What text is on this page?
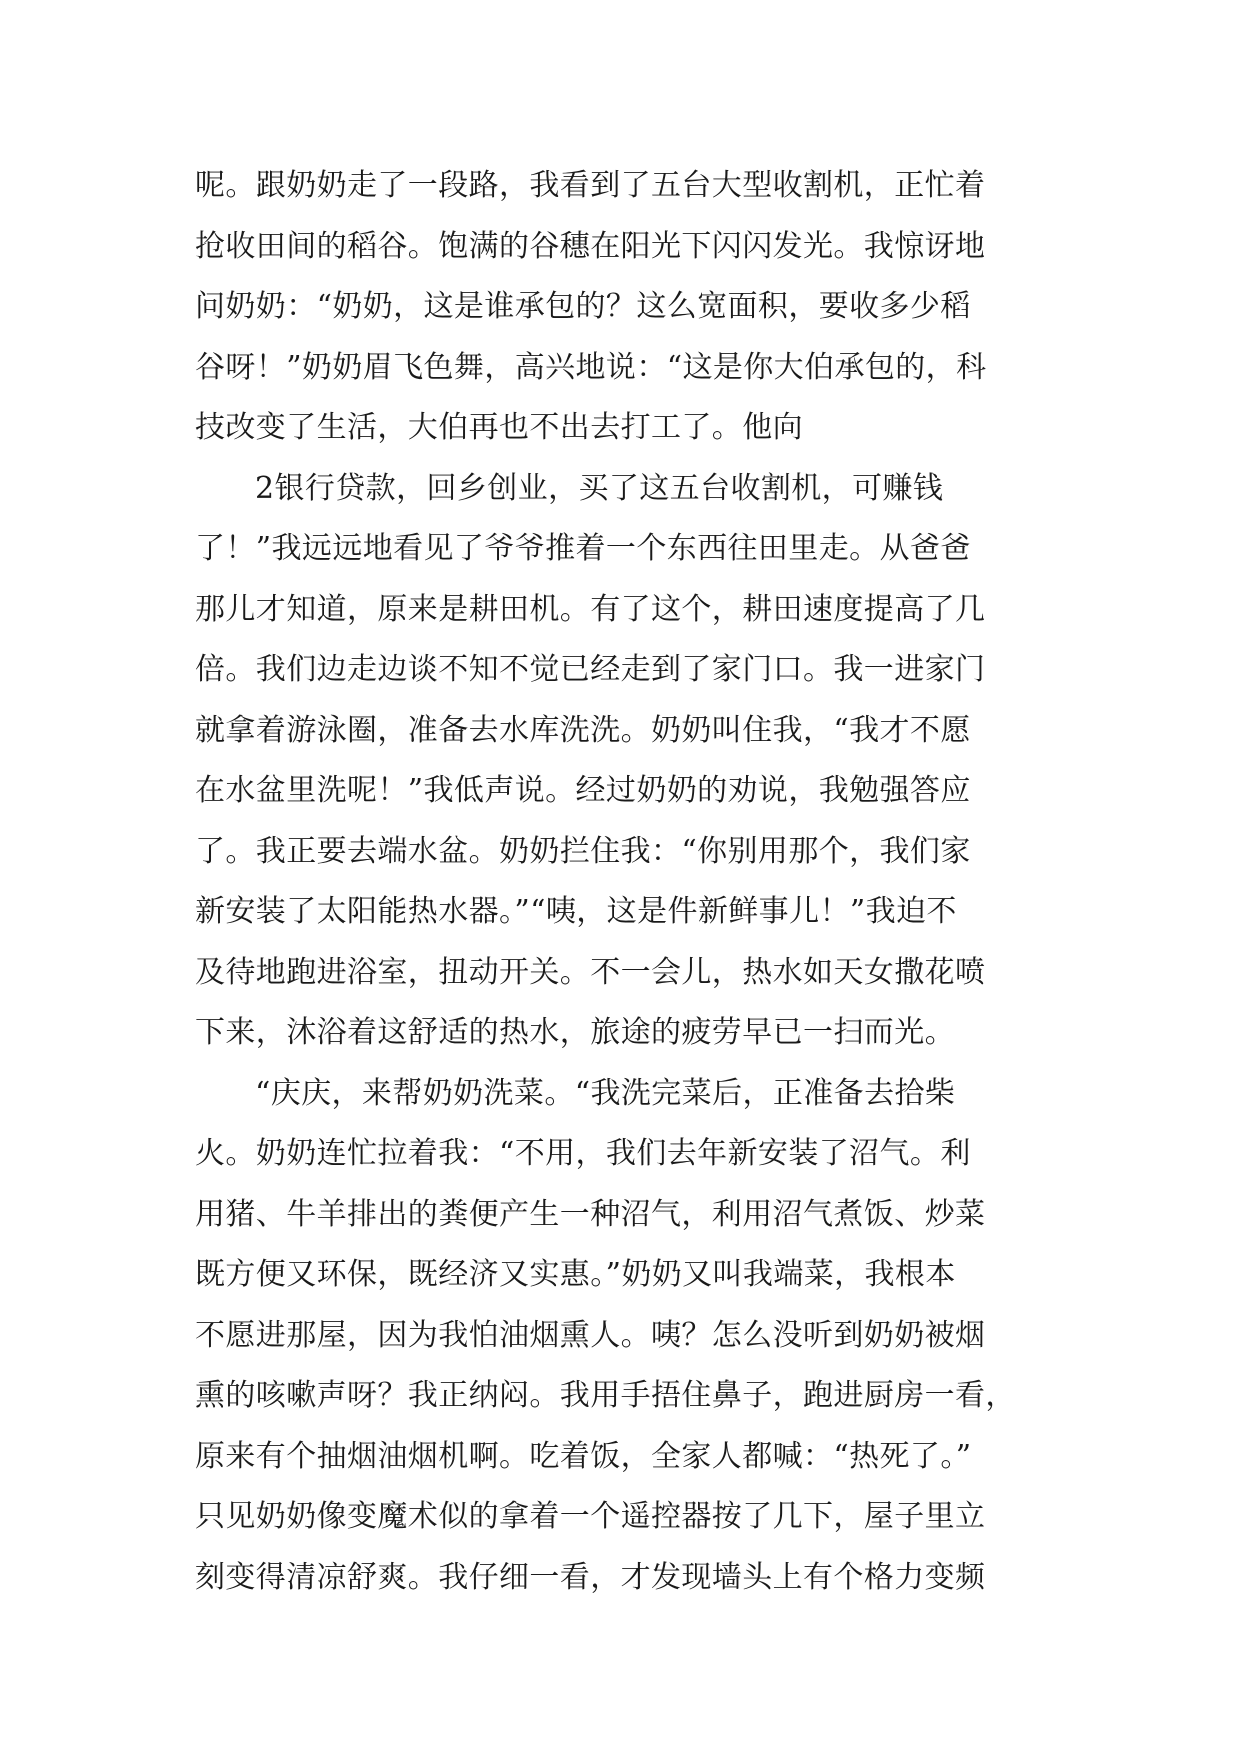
呢。跟奶奶走了一段路，我看到了五台大型收割机，正忙着
抢收田间的稻谷。饱满的谷穗在阳光下闪闪发光。我惊讶地
问奶奶：“奶奶，这是谁承包的？这么宽面积，要收多少稻
谷呀！”奶奶眉飞色舞，高兴地说：“这是你大伯承包的，科
技改变了生活，大伯再也不出去打工了。他向
2银行贷款，回乡创业，买了这五台收割机，可赚钱
了！”我远远地看见了爷爷推着一个东西往田里走。从爸爸
那儿才知道，原来是耕田机。有了这个，耕田速度提高了几
倍。我们边走边谈不知不觉已经走到了家门口。我一进家门
就拿着游泳圈，准备去水库洗洗。奶奶叫住我，“我才不愿
在水盆里洗呢！”我低声说。经过奶奶的劝说，我勉强答应
了。我正要去端水盆。奶奶拦住我：“你别用那个，我们家
新安装了太阳能热水器。”“咦，这是件新鲜事儿！”我迫不
及待地跑进浴室，扭动开关。不一会儿，热水如天女撒花喷
下来，沐浴着这舒适的热水，旅途的疲劳早已一扫而光。
“庆庆，来帮奶奶洗菜。“我洗完菜后，正准备去拾柴
火。奶奶连忙拉着我：“不用，我们去年新安装了沼气。利
用猪、牛羊排出的粪便产生一种沼气，利用沼气煮饭、炒菜
既方便又环保，既经济又实惠。”奶奶又叫我端菜，我根本
不愿进那屋，因为我怕油烟熏人。咦？怎么没听到奶奶被烟
熏的咳嗽声呀？我正纳闷。我用手捂住鼻子，跑进厨房一看，
原来有个抽烟油烟机啊。吃着饭，全家人都喊：“热死了。”
只见奶奶像变魔术似的拿着一个遥控器按了几下，屋子里立
刻变得清凉舒爽。我仔细一看，才发现墙头上有个格力变频
